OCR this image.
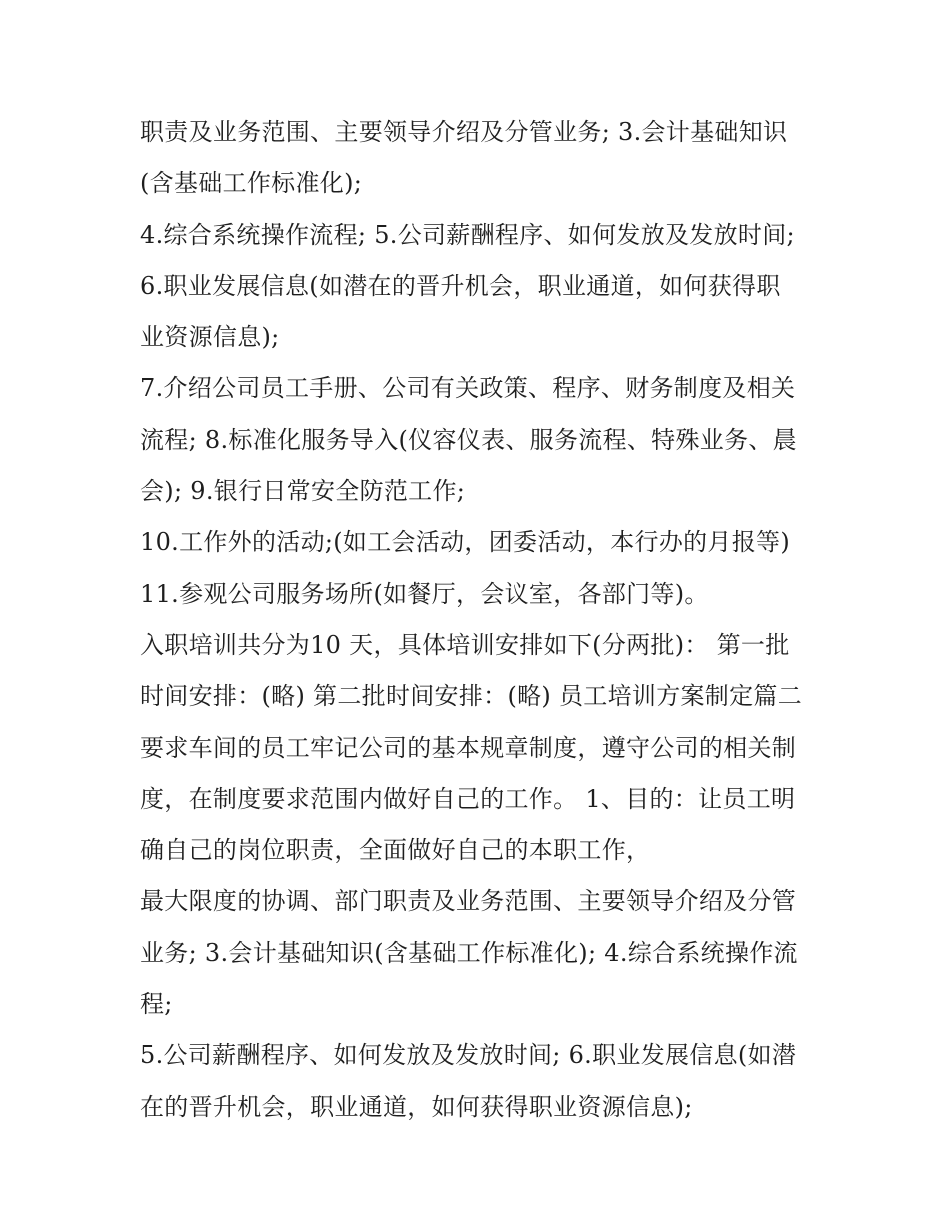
职责及业务范围、主要领导介绍及分管业务; 3.会计基础知识
(含基础工作标准化);
4.综合系统操作流程; 5.公司薪酬程序、如何发放及发放时间;
6.职业发展信息(如潜在的晋升机会，职业通道，如何获得职
业资源信息);
7.介绍公司员工手册、公司有关政策、程序、财务制度及相关
流程; 8.标准化服务导入(仪容仪表、服务流程、特殊业务、晨
会); 9.银行日常安全防范工作;
10.工作外的活动;(如工会活动，团委活动，本行办的月报等)
11.参观公司服务场所(如餐厅，会议室，各部门等)。
入职培训共分为10 天，具体培训安排如下(分两批)： 第一批
时间安排：(略) 第二批时间安排：(略) 员工培训方案制定篇二
要求车间的员工牢记公司的基本规章制度，遵守公司的相关制
度，在制度要求范围内做好自己的工作。 1、目的：让员工明
确自己的岗位职责，全面做好自己的本职工作，
最大限度的协调、部门职责及业务范围、主要领导介绍及分管
业务; 3.会计基础知识(含基础工作标准化); 4.综合系统操作流
程;
5.公司薪酬程序、如何发放及发放时间; 6.职业发展信息(如潜
在的晋升机会，职业通道，如何获得职业资源信息);
